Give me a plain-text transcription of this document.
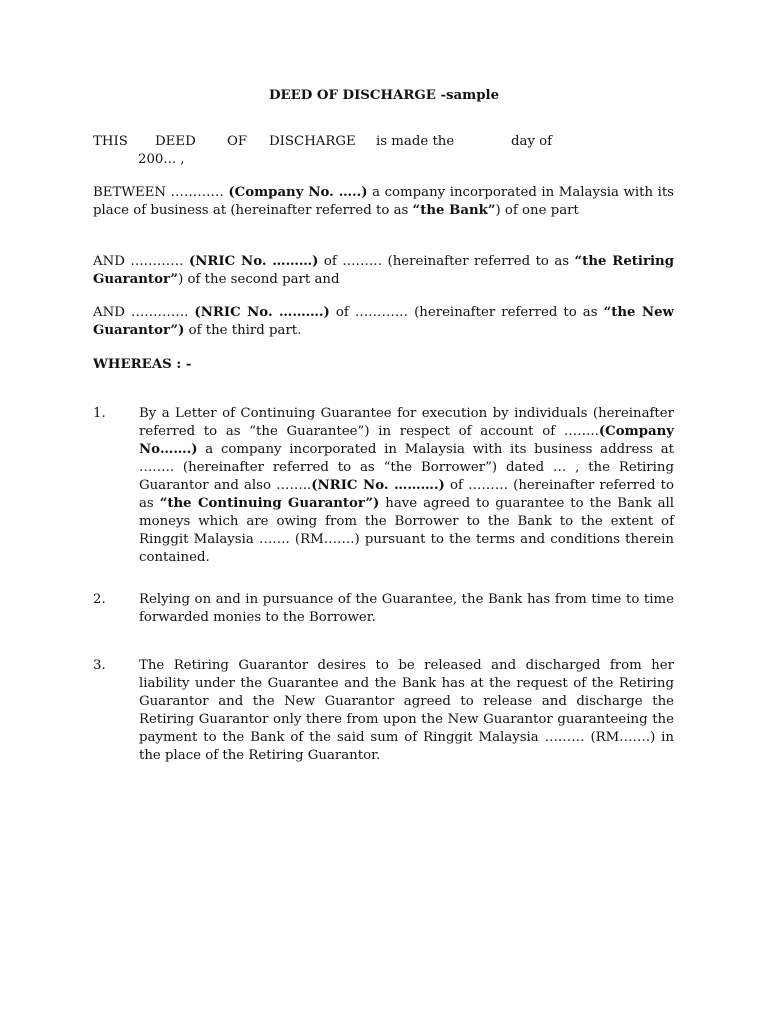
DEED OF DISCHARGE -sample

THIS DEED OF DISCHARGE is made the	day of

200... ,

BETWEEN ………… (Company No. …..) a company incorporated in Malaysia with its place of business at (hereinafter referred to as “the Bank”) of one part

AND ………… (NRIC No. ………) of ……… (hereinafter referred to as “the Retiring Guarantor”) of the second part and

AND …………. (NRIC No. ……….) of ………… (hereinafter referred to as “the New Guarantor”) of the third part.

WHEREAS : -

1.	By a Letter of Continuing Guarantee for execution by individuals (hereinafter referred to as “the Guarantee”) in respect of account of ……..(Company No…….) a company incorporated in Malaysia with its business address at …….. (hereinafter referred to as “the Borrower”) dated … , the Retiring Guarantor and also ……..(NRIC No. ……….) of ……… (hereinafter referred to as “the Continuing Guarantor”) have agreed to guarantee to the Bank all moneys which are owing from the Borrower to the Bank to the extent of Ringgit Malaysia ……. (RM…….) pursuant to the terms and conditions therein contained.

2.	Relying on and in pursuance of the Guarantee, the Bank has from time to time forwarded monies to the Borrower.

3.	The Retiring Guarantor desires to be released and discharged from her liability under the Guarantee and the Bank has at the request of the Retiring Guarantor and the New Guarantor agreed to release and discharge the Retiring Guarantor only there from upon the New Guarantor guaranteeing the payment to the Bank of the said sum of Ringgit Malaysia ……… (RM…….) in the place of the Retiring Guarantor.
